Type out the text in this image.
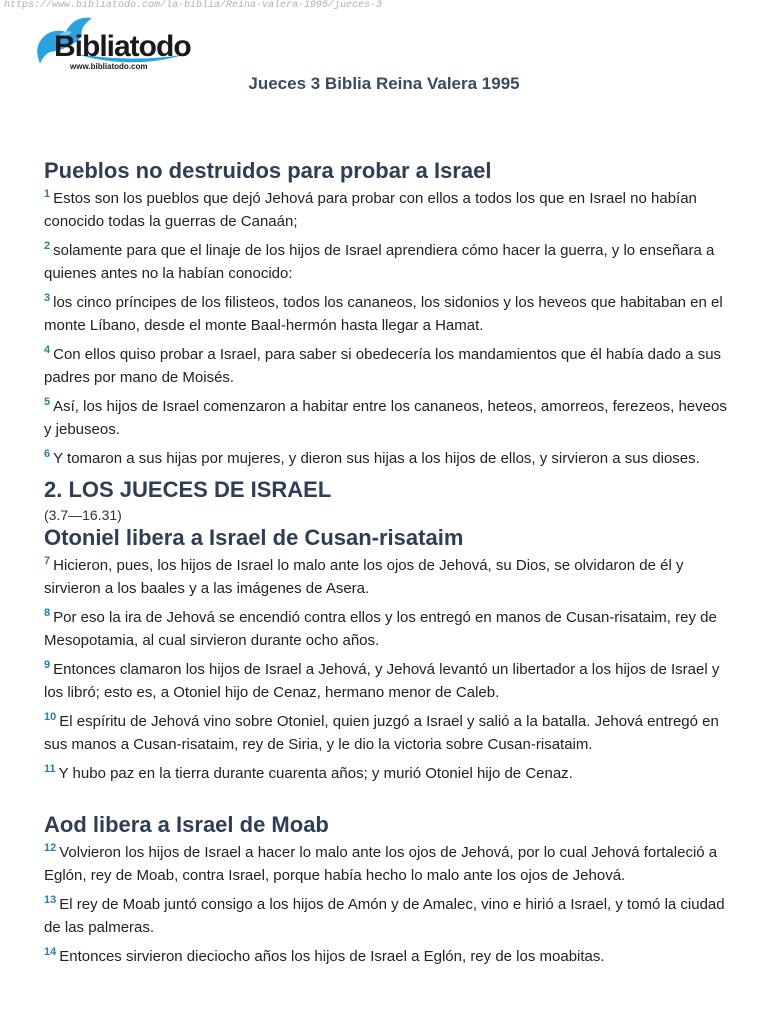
https://www.bibliatodo.com/la-biblia/Reina-valera-1995/jueces-3
Bibliatodo
www.bibliatodo.com
Jueces 3 Biblia Reina Valera 1995
Pueblos no destruidos para probar a Israel

$^1$ Estos son los pueblos que dejó Jehová para probar con ellos a todos los que en Israel no habían conocido todas la guerras de Canaán;

$^2$ solamente para que el linaje de los hijos de Israel aprendiera cómo hacer la guerra, y lo enseñara a quienes antes no la habían conocido:

$^3$ los cinco príncipes de los filisteos, todos los cananeos, los sidonios y los heveos que habitaban en el monte Líbano, desde el monte Baal-hermón hasta llegar a Hamat.

$^4$ Con ellos quiso probar a Israel, para saber si obedecería los mandamientos que él había dado a sus padres por mano de Moisés.

$^5$ Así, los hijos de Israel comenzaron a habitar entre los cananeos, heteos, amorreos, ferezeos, heveos y jebuseos.

$^6$ Y tomaron a sus hijas por mujeres, y dieron sus hijas a los hijos de ellos, y sirvieron a sus dioses.

2. LOS JUECES DE ISRAEL

(3.7—16.31)

Otoniel libera a Israel de Cusan-risataim

$^7$ Hicieron, pues, los hijos de Israel lo malo ante los ojos de Jehová, su Dios, se olvidaron de él y sirvieron a los baales y a las imágenes de Asera.

$^8$ Por eso la ira de Jehová se encendió contra ellos y los entregó en manos de Cusan-risataim, rey de Mesopotamia, al cual sirvieron durante ocho años.

$^9$ Entonces clamaron los hijos de Israel a Jehová, y Jehová levantó un libertador a los hijos de Israel y los libró; esto es, a Otoniel hijo de Cenaz, hermano menor de Caleb.

$^{10}$ El espíritu de Jehová vino sobre Otoniel, quien juzgó a Israel y salió a la batalla. Jehová entregó en sus manos a Cusan-risataim, rey de Siria, y le dio la victoria sobre Cusan-risataim.

$^{11}$ Y hubo paz en la tierra durante cuarenta años; y murió Otoniel hijo de Cenaz.

Aod libera a Israel de Moab

$^{12}$ Volvieron los hijos de Israel a hacer lo malo ante los ojos de Jehová, por lo cual Jehová fortaleció a Eglón, rey de Moab, contra Israel, porque había hecho lo malo ante los ojos de Jehová.

$^{13}$ El rey de Moab juntó consigo a los hijos de Amón y de Amalec, vino e hirió a Israel, y tomó la ciudad de las palmeras.

$^{14}$ Entonces sirvieron dieciocho años los hijos de Israel a Eglón, rey de los moabitas.
